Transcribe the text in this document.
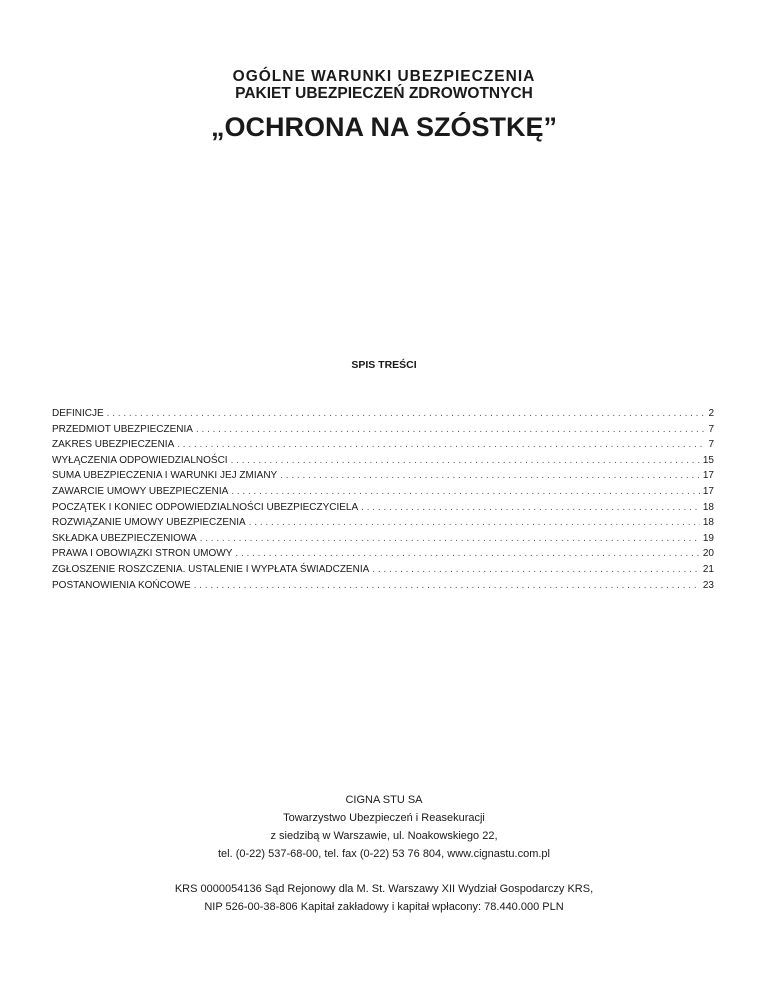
OGÓLNE WARUNKI UBEZPIECZENIA
PAKIET UBEZPIECZEŃ ZDROWOTNYCH
„OCHRONA NA SZÓSTKĘ”
SPIS TREŚCI
DEFINICJE . . .	2
PRZEDMIOT UBEZPIECZENIA . . .	7
ZAKRES UBEZPIECZENIA . . .	7
WYŁĄCZENIA ODPOWIEDZIALNOŚCI . . .	15
SUMA UBEZPIECZENIA I WARUNKI JEJ ZMIANY . . .	17
ZAWARCIE UMOWY UBEZPIECZENIA . . .	17
POCZĄTEK I KONIEC ODPOWIEDZIALNOŚCI UBEZPIECZYCIELA . . .	18
ROZWIĄZANIE UMOWY UBEZPIECZENIA . . .	18
SKŁADKA UBEZPIECZENIOWA . . .	19
PRAWA I OBOWIĄZKI STRON UMOWY . . .	20
ZGŁOSZENIE ROSZCZENIA. USTALENIE I WYPŁATA ŚWIADCZENIA . . .	21
POSTANOWIENIA KOŃCOWE . . .	23
CIGNA STU SA
Towarzystwo Ubezpieczeń i Reasekuracji
z siedzibą w Warszawie, ul. Noakowskiego 22,
tel. (0-22) 537-68-00, tel. fax (0-22) 53 76 804, www.cignastu.com.pl
KRS 0000054136 Sąd Rejonowy dla M. St. Warszawy XII Wydział Gospodarczy KRS,
NIP 526-00-38-806 Kapitał zakładowy i kapitał wpłacony: 78.440.000 PLN
